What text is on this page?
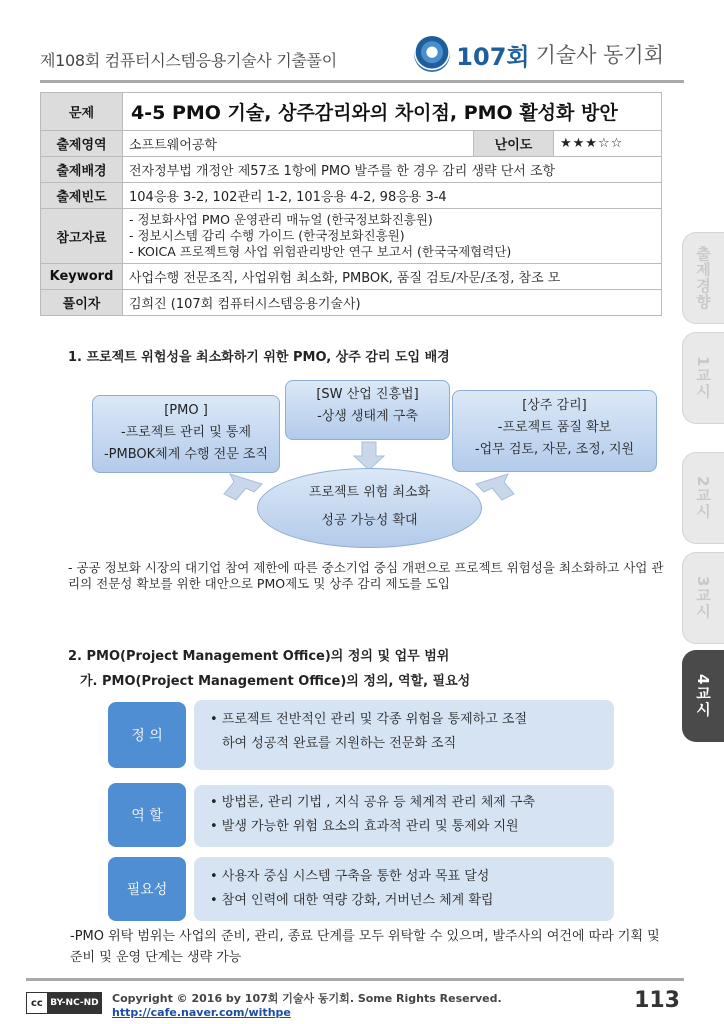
제108회 컴퓨터시스템응용기술사 기출풀이	107회 기술사 동기회
문제	4-5 PMO 기술, 상주감리와의 차이점, PMO 활성화 방안		
출제영역	소프트웨어공학	난이도	★★★☆☆
출제배경	전자정부법 개정안 제57조 1항에 PMO 발주를 한 경우 감리 생략 단서 조항		
출제빈도	104응용 3-2, 102관리 1-2, 101응용 4-2, 98응용 3-4		
참고자료	- 정보화사업 PMO 운영관리 매뉴얼 (한국정보화진흥원)
- 정보시스템 감리 수행 가이드 (한국정보화진흥원)
- KOICA 프로젝트형 사업 위험관리방안 연구 보고서 (한국국제협력단)		

Keyword	사업수행 전문조직, 사업위험 최소화, PMBOK, 품질 검토/자문/조정, 참조 모		
풀이자	김희진 (107회 컴퓨터시스템응용기술사)			출제경향
1교시
2교시
3교시
4교시
1. 프로젝트 위험성을 최소화하기 위한 PMO, 상주 감리 도입 배경
[PMO ]
-프로젝트 관리 및 통제
-PMBOK체계 수행 전문 조직
[SW 산업 진흥법]
-상생 생태계 구축
[상주 감리]
-프로젝트 품질 확보
-업무 검토, 자문, 조정, 지원
프로젝트 위험 최소화
성공 가능성 확대
- 공공 정보화 시장의 대기업 참여 제한에 따른 중소기업 중심 개편으로 프로젝트 위험성을 최소화하고 사업 관리의 전문성 확보를 위한 대안으로 PMO제도 및 상주 감리 제도를 도입
2. PMO(Project Management Office)의 정의 및 업무 범위
가. PMO(Project Management Office)의 정의, 역할, 필요성
정 의
• 프로젝트 전반적인 관리 및 각종 위험을 통제하고 조절
하여 성공적 완료를 지원하는 전문화 조직
역 할
• 방법론, 관리 기법 , 지식 공유 등 체계적 관리 체제 구축
• 발생 가능한 위험 요소의 효과적 관리 및 통제와 지원
필요성
• 사용자 중심 시스템 구축을 통한 성과 목표 달성
• 참여 인력에 대한 역량 강화, 거버넌스 체계 확립
-PMO 위탁 범위는 사업의 준비, 관리, 종료 단계를 모두 위탁할 수 있으며, 발주사의 여건에 따라 기획 및 준비 및 운영 단계는 생략 가능
cc BY-NC-ND Copyright © 2016 by 107회 기술사 동기회. Some Rights Reserved.
http://cafe.naver.com/withpe	113
